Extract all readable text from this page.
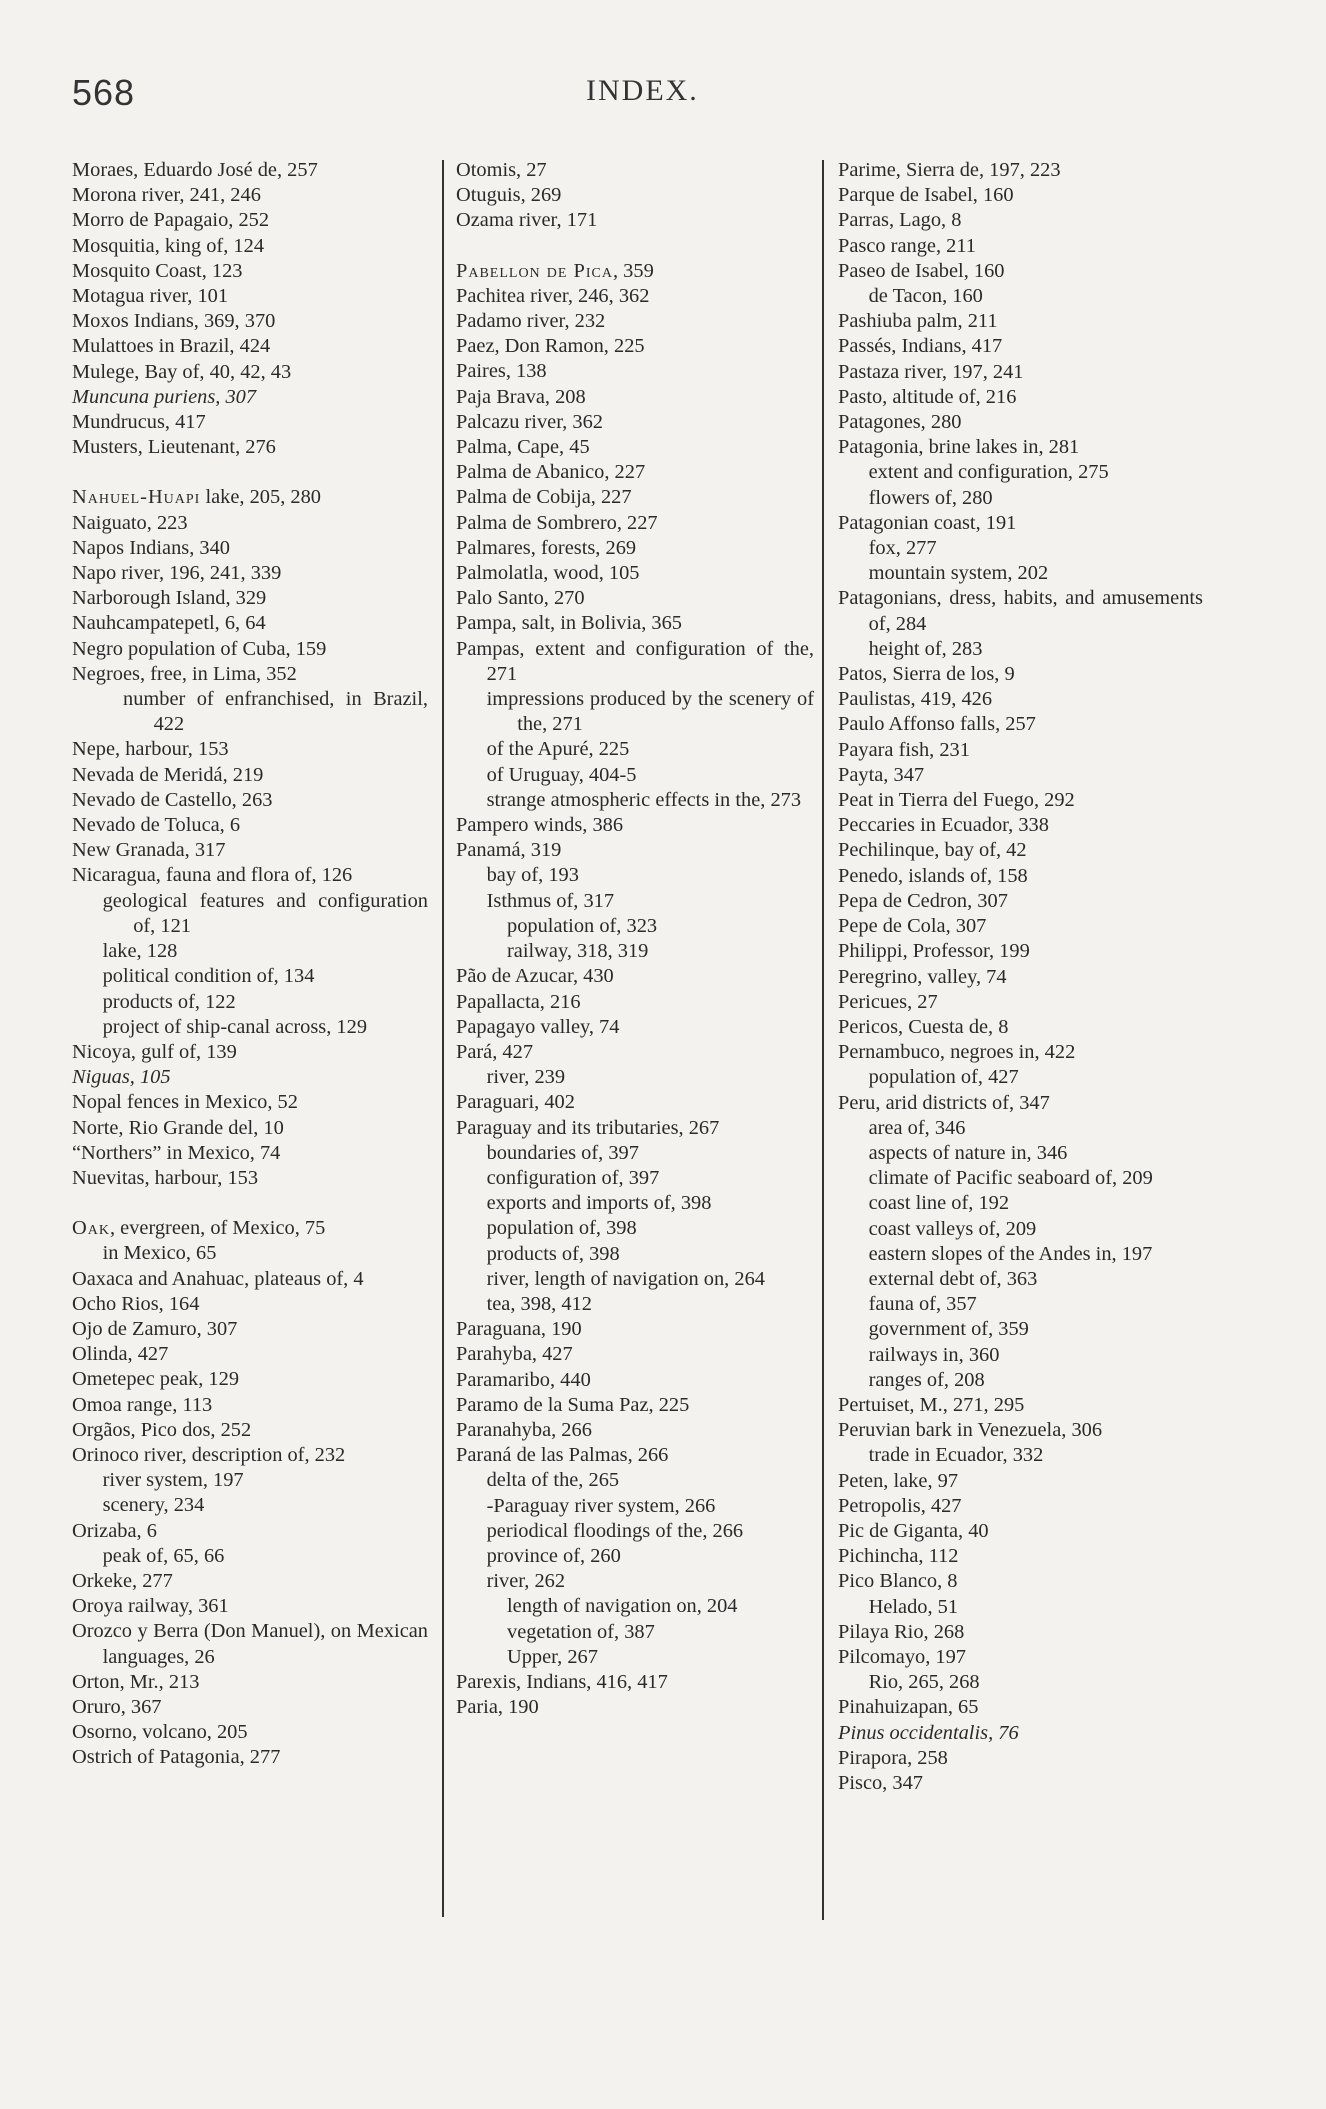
568	INDEX.
Moraes, Eduardo José de, 257
Morona river, 241, 246
Morro de Papagaio, 252
Mosquitia, king of, 124
Mosquito Coast, 123
Motagua river, 101
Moxos Indians, 369, 370
Mulattoes in Brazil, 424
Mulege, Bay of, 40, 42, 43
Muncuna puriens, 307
Mundrucus, 417
Musters, Lieutenant, 276
Nahuel-Huapi lake, 205, 280
Naiguato, 223
Napos Indians, 340
Napo river, 196, 241, 339
Narborough Island, 329
Nauhcampatepetl, 6, 64
Negro population of Cuba, 159
Negroes, free, in Lima, 352
number of enfranchised, in Brazil, 422
Nepe, harbour, 153
Nevada de Meridá, 219
Nevado de Castello, 263
Nevado de Toluca, 6
New Granada, 317
Nicaragua, fauna and flora of, 126
geological features and configuration of, 121
lake, 128
political condition of, 134
products of, 122
project of ship-canal across, 129
Nicoya, gulf of, 139
Niguas, 105
Nopal fences in Mexico, 52
Norte, Rio Grande del, 10
“Northers” in Mexico, 74
Nuevitas, harbour, 153
Oak, evergreen, of Mexico, 75
in Mexico, 65
Oaxaca and Anahuac, plateaus of, 4
Ocho Rios, 164
Ojo de Zamuro, 307
Olinda, 427
Ometepec peak, 129
Omoa range, 113
Orgãos, Pico dos, 252
Orinoco river, description of, 232
river system, 197
scenery, 234
Orizaba, 6
peak of, 65, 66
Orkeke, 277
Oroya railway, 361
Orozco y Berra (Don Manuel), on Mexican languages, 26
Orton, Mr., 213
Oruro, 367
Osorno, volcano, 205
Ostrich of Patagonia, 277
Otomis, 27
Otuguis, 269
Ozama river, 171
Pabellon de Pica, 359
Pachitea river, 246, 362
Padamo river, 232
Paez, Don Ramon, 225
Paires, 138
Paja Brava, 208
Palcazu river, 362
Palma, Cape, 45
Palma de Abanico, 227
Palma de Cobija, 227
Palma de Sombrero, 227
Palmares, forests, 269
Palmolatla, wood, 105
Palo Santo, 270
Pampa, salt, in Bolivia, 365
Pampas, extent and configuration of the, 271
impressions produced by the scenery of the, 271
of the Apuré, 225
of Uruguay, 404-5
strange atmospheric effects in the, 273
Pampero winds, 386
Panamá, 319
bay of, 193
Isthmus of, 317
population of, 323
railway, 318, 319
Pão de Azucar, 430
Papallacta, 216
Papagayo valley, 74
Pará, 427
river, 239
Paraguari, 402
Paraguay and its tributaries, 267
boundaries of, 397
configuration of, 397
exports and imports of, 398
population of, 398
products of, 398
river, length of navigation on, 264
tea, 398, 412
Paraguana, 190
Parahyba, 427
Paramaribo, 440
Paramo de la Suma Paz, 225
Paranahyba, 266
Paraná de las Palmas, 266
delta of the, 265
-Paraguay river system, 266
periodical floodings of the, 266
province of, 260
river, 262
length of navigation on, 204
vegetation of, 387
Upper, 267
Parexis, Indians, 416, 417
Paria, 190
Parime, Sierra de, 197, 223
Parque de Isabel, 160
Parras, Lago, 8
Pasco range, 211
Paseo de Isabel, 160
de Tacon, 160
Pashiuba palm, 211
Passés, Indians, 417
Pastaza river, 197, 241
Pasto, altitude of, 216
Patagones, 280
Patagonia, brine lakes in, 281
extent and configuration, 275
flowers of, 280
Patagonian coast, 191
fox, 277
mountain system, 202
Patagonians, dress, habits, and amusements of, 284
height of, 283
Patos, Sierra de los, 9
Paulistas, 419, 426
Paulo Affonso falls, 257
Payara fish, 231
Payta, 347
Peat in Tierra del Fuego, 292
Peccaries in Ecuador, 338
Pechilinque, bay of, 42
Penedo, islands of, 158
Pepa de Cedron, 307
Pepe de Cola, 307
Philippi, Professor, 199
Peregrino, valley, 74
Pericues, 27
Pericos, Cuesta de, 8
Pernambuco, negroes in, 422
population of, 427
Peru, arid districts of, 347
area of, 346
aspects of nature in, 346
climate of Pacific seaboard of, 209
coast line of, 192
coast valleys of, 209
eastern slopes of the Andes in, 197
external debt of, 363
fauna of, 357
government of, 359
railways in, 360
ranges of, 208
Pertuiset, M., 271, 295
Peruvian bark in Venezuela, 306
trade in Ecuador, 332
Peten, lake, 97
Petropolis, 427
Pic de Giganta, 40
Pichincha, 112
Pico Blanco, 8
Helado, 51
Pilaya Rio, 268
Pilcomayo, 197
Rio, 265, 268
Pinahuizapan, 65
Pinus occidentalis, 76
Pirapora, 258
Pisco, 347
